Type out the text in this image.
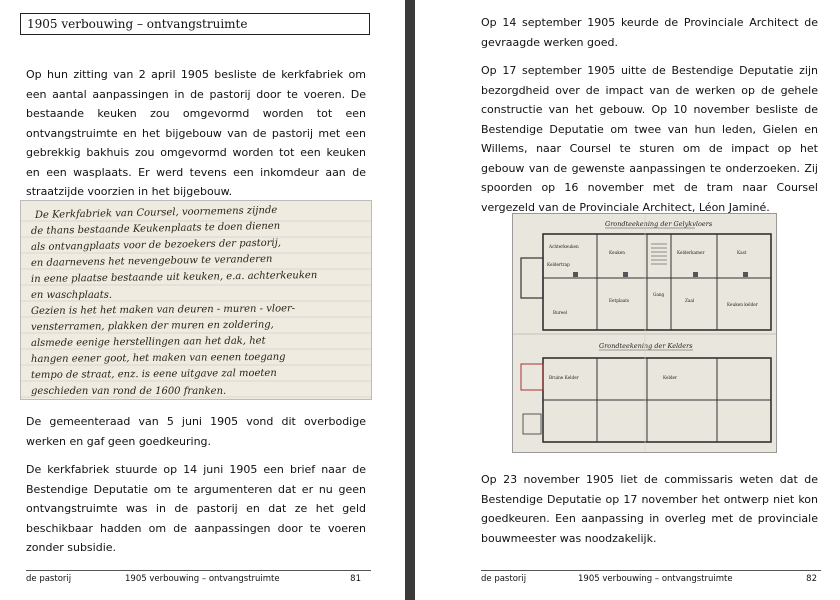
1905 verbouwing – ontvangstruimte
Op hun zitting van 2 april 1905 besliste de kerkfabriek om een aantal aanpassingen in de pastorij door te voeren. De bestaande keuken zou omgevormd worden tot een ontvangstruimte en het bijgebouw van de pastorij met een gebrekkig bakhuis zou omgevormd worden tot een keuken en een wasplaats. Er werd tevens een inkomdeur aan de straatzijde voorzien in het bijgebouw.
De Kerkfabriek van Coursel, voornemens zijnde
de thans bestaande Keukenplaats te doen dienen
als ontvangplaats voor de bezoekers der pastorij,
en daarnevens het nevengebouw te veranderen
in eene plaatse bestaande uit keuken, e.a. achterkeuken
en waschplaats.
Gezien is het het maken van deuren - muren - vloer-
vensterramen, plakken der muren en zoldering,
alsmede eenige herstellingen aan het dak, het
hangen eener goot, het maken van eenen toegang
tempo de straat, enz. is eene uitgave zal moeten
geschieden van rond de 1600 franken.
De gemeenteraad van 5 juni 1905 vond dit overbodige werken en gaf geen goedkeuring.
De kerkfabriek stuurde op 14 juni 1905 een brief naar de Bestendige Deputatie om te argumenteren dat er nu geen ontvangstruimte was in de pastorij en dat ze het geld beschikbaar hadden om de aanpassingen door te voeren zonder subsidie.
de pastorij	1905 verbouwing – ontvangstruimte	81
Op 14 september 1905 keurde de Provinciale Architect de gevraagde werken goed.
Op 17 september 1905 uitte de Bestendige Deputatie zijn bezorgdheid over de impact van de werken op de gehele constructie van het gebouw. Op 10 november besliste de Bestendige Deputatie om twee van hun leden, Gielen en Willems, naar Coursel te sturen om de impact op het gebouw van de gewenste aanpassingen te onderzoeken. Zij spoorden op 16 november met de tram naar Coursel vergezeld van de Provinciale Architect, Léon Jaminé.
Grondteekening der Gelykvloers
Achterkeuken
Keuken
Keldertrap
Kelderkamer
Gang
Eetplaats
Bureel
Zaal
Kast
Keuken kelder
Grondteekening der Kelders
Bruine Kelder	Kelder
Op 23 november 1905 liet de commissaris weten dat de Bestendige Deputatie op 17 november het ontwerp niet kon goedkeuren. Een aanpassing in overleg met de provinciale bouwmeester was noodzakelijk.
de pastorij	1905 verbouwing – ontvangstruimte	82
